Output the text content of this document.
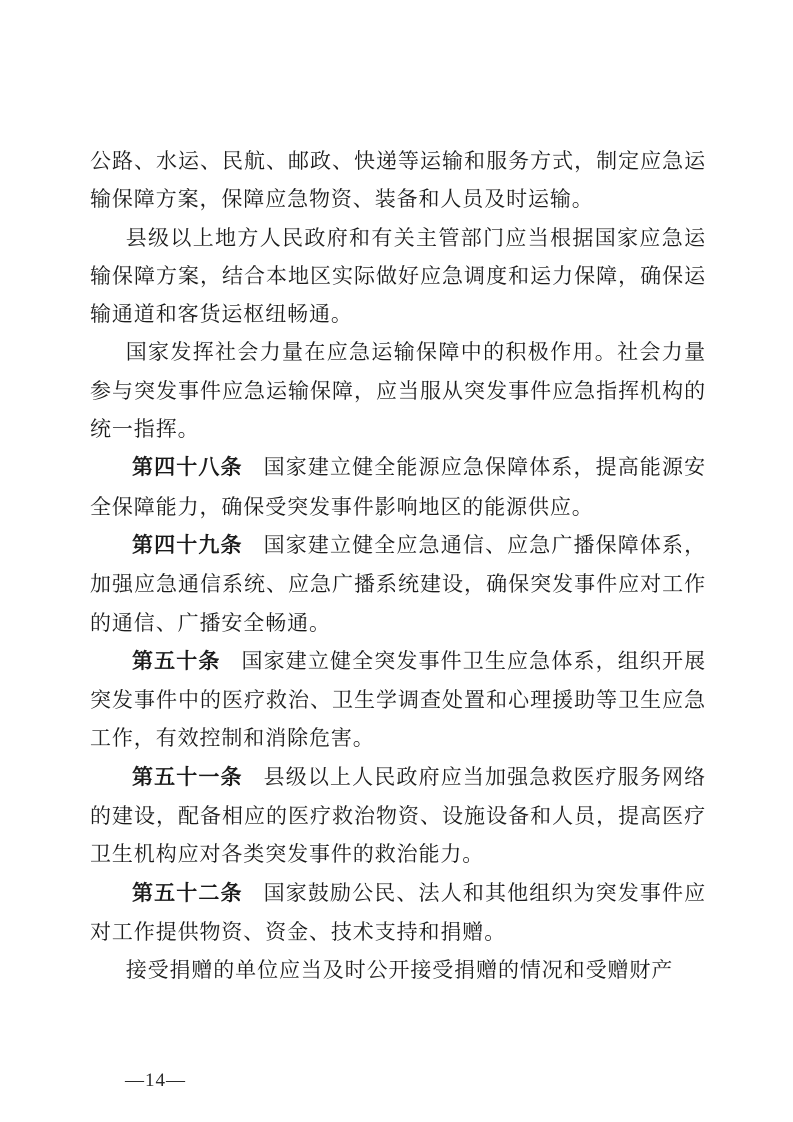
公路、水运、民航、邮政、快递等运输和服务方式，制定应急运输保障方案，保障应急物资、装备和人员及时运输。

县级以上地方人民政府和有关主管部门应当根据国家应急运输保障方案，结合本地区实际做好应急调度和运力保障，确保运输通道和客货运枢纽畅通。

国家发挥社会力量在应急运输保障中的积极作用。社会力量参与突发事件应急运输保障，应当服从突发事件应急指挥机构的统一指挥。

第四十八条 国家建立健全能源应急保障体系，提高能源安全保障能力，确保受突发事件影响地区的能源供应。

第四十九条 国家建立健全应急通信、应急广播保障体系，加强应急通信系统、应急广播系统建设，确保突发事件应对工作的通信、广播安全畅通。

第五十条 国家建立健全突发事件卫生应急体系，组织开展突发事件中的医疗救治、卫生学调查处置和心理援助等卫生应急工作，有效控制和消除危害。

第五十一条 县级以上人民政府应当加强急救医疗服务网络的建设，配备相应的医疗救治物资、设施设备和人员，提高医疗卫生机构应对各类突发事件的救治能力。

第五十二条 国家鼓励公民、法人和其他组织为突发事件应对工作提供物资、资金、技术支持和捐赠。

接受捐赠的单位应当及时公开接受捐赠的情况和受赠财产

—14—
